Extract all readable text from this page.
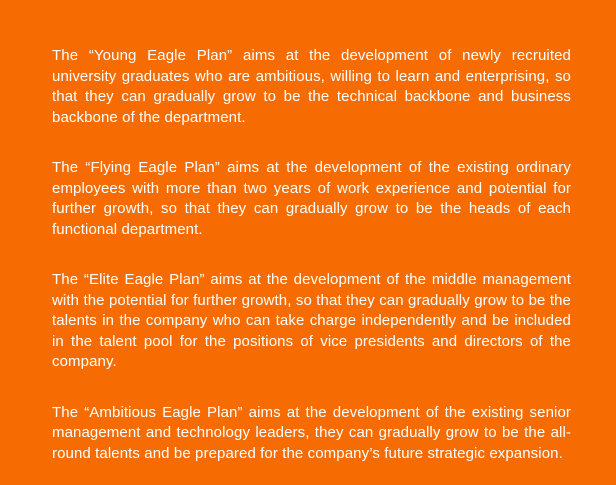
The “Young Eagle Plan” aims at the development of newly recruited university graduates who are ambitious, willing to learn and enterprising, so that they can gradually grow to be the technical backbone and business backbone of the department.

The “Flying Eagle Plan” aims at the development of the existing ordinary employees with more than two years of work experience and potential for further growth, so that they can gradually grow to be the heads of each functional department.

The “Elite Eagle Plan” aims at the development of the middle management with the potential for further growth, so that they can gradually grow to be the talents in the company who can take charge independently and be included in the talent pool for the positions of vice presidents and directors of the company.

The “Ambitious Eagle Plan” aims at the development of the existing senior management and technology leaders, they can gradually grow to be the all-round talents and be prepared for the company’s future strategic expansion.
